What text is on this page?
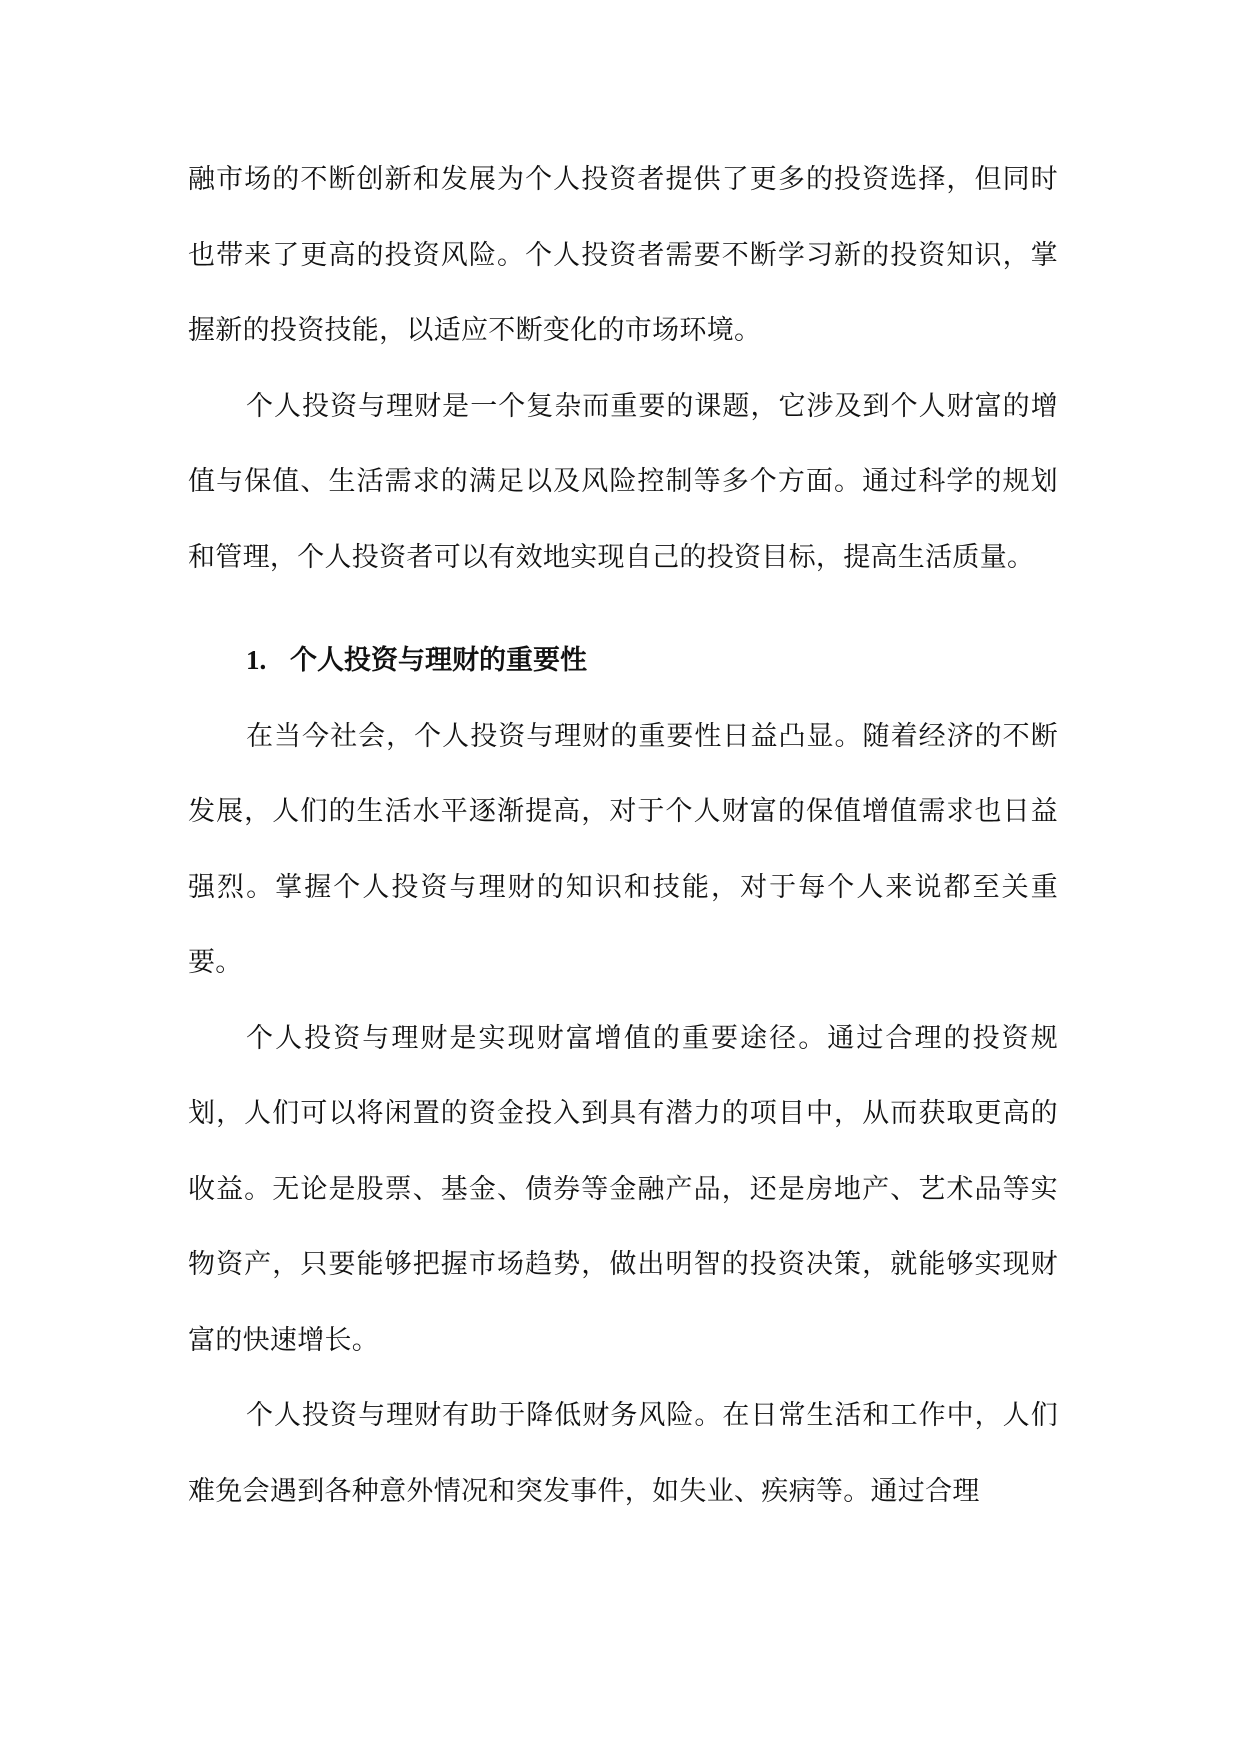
融市场的不断创新和发展为个人投资者提供了更多的投资选择，但同时也带来了更高的投资风险。个人投资者需要不断学习新的投资知识，掌握新的投资技能，以适应不断变化的市场环境。

个人投资与理财是一个复杂而重要的课题，它涉及到个人财富的增值与保值、生活需求的满足以及风险控制等多个方面。通过科学的规划和管理，个人投资者可以有效地实现自己的投资目标，提高生活质量。

1. 个人投资与理财的重要性

在当今社会，个人投资与理财的重要性日益凸显。随着经济的不断发展，人们的生活水平逐渐提高，对于个人财富的保值增值需求也日益强烈。掌握个人投资与理财的知识和技能，对于每个人来说都至关重要。

个人投资与理财是实现财富增值的重要途径。通过合理的投资规划，人们可以将闲置的资金投入到具有潜力的项目中，从而获取更高的收益。无论是股票、基金、债券等金融产品，还是房地产、艺术品等实物资产，只要能够把握市场趋势，做出明智的投资决策，就能够实现财富的快速增长。

个人投资与理财有助于降低财务风险。在日常生活和工作中，人们难免会遇到各种意外情况和突发事件，如失业、疾病等。通过合理
